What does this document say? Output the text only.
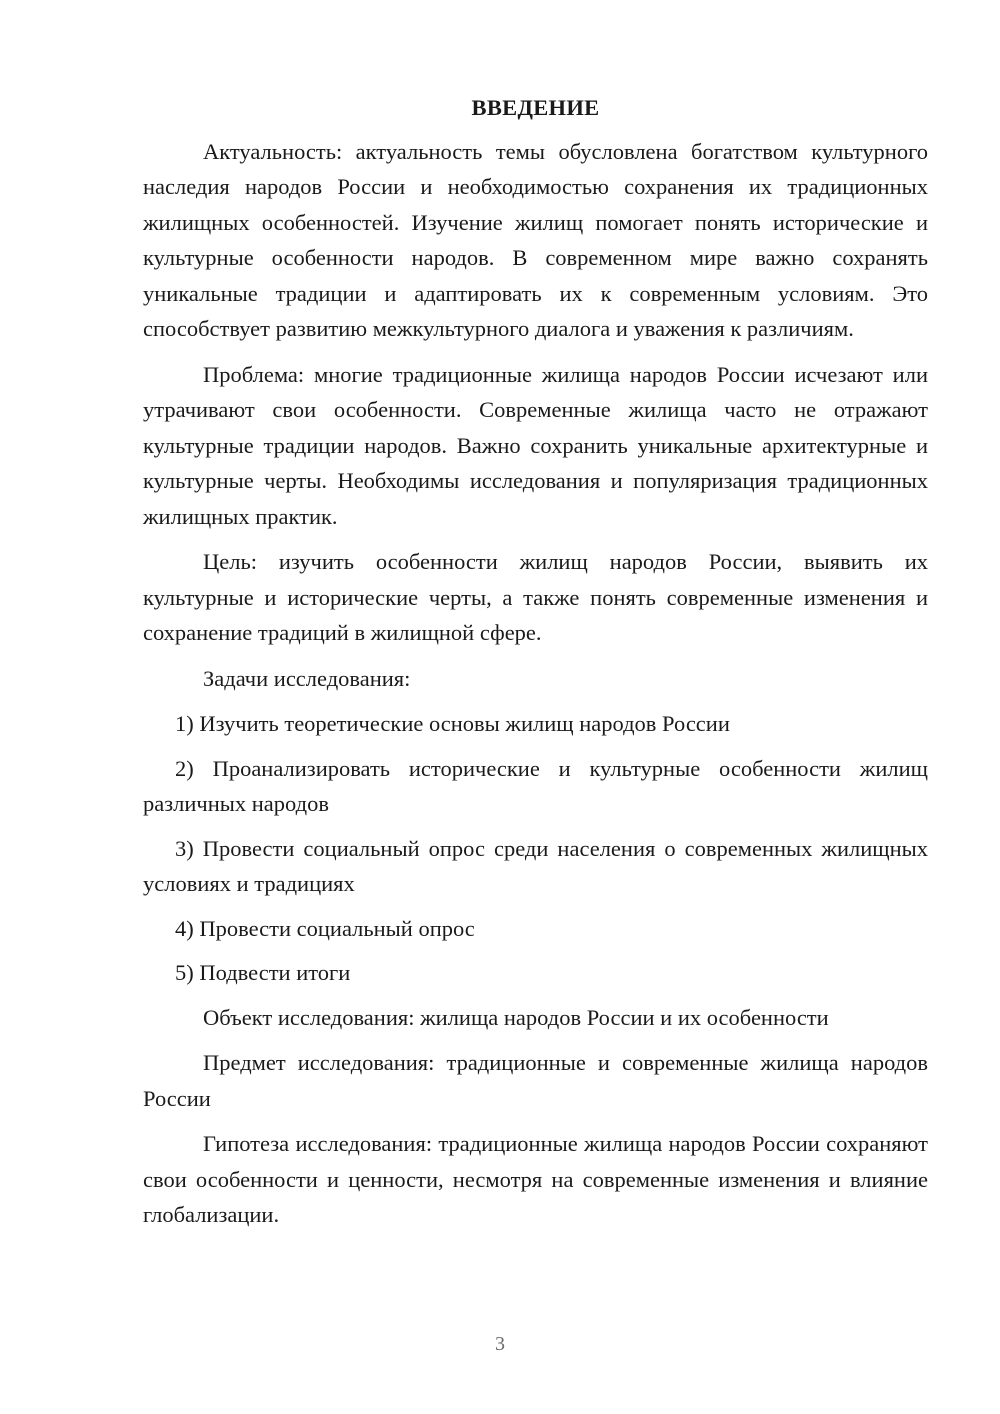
ВВЕДЕНИЕ

Актуальность: актуальность темы обусловлена богатством культурного наследия народов России и необходимостью сохранения их традиционных жилищных особенностей. Изучение жилищ помогает понять исторические и культурные особенности народов. В современном мире важно сохранять уникальные традиции и адаптировать их к современным условиям. Это способствует развитию межкультурного диалога и уважения к различиям.

Проблема: многие традиционные жилища народов России исчезают или утрачивают свои особенности. Современные жилища часто не отражают культурные традиции народов. Важно сохранить уникальные архитектурные и культурные черты. Необходимы исследования и популяризация традиционных жилищных практик.

Цель: изучить особенности жилищ народов России, выявить их культурные и исторические черты, а также понять современные изменения и сохранение традиций в жилищной сфере.

Задачи исследования:

1) Изучить теоретические основы жилищ народов России

2) Проанализировать исторические и культурные особенности жилищ различных народов

3) Провести социальный опрос среди населения о современных жилищных условиях и традициях

4) Провести социальный опрос

5) Подвести итоги

Объект исследования: жилища народов России и их особенности

Предмет исследования: традиционные и современные жилища народов России

Гипотеза исследования: традиционные жилища народов России сохраняют свои особенности и ценности, несмотря на современные изменения и влияние глобализации.

3
